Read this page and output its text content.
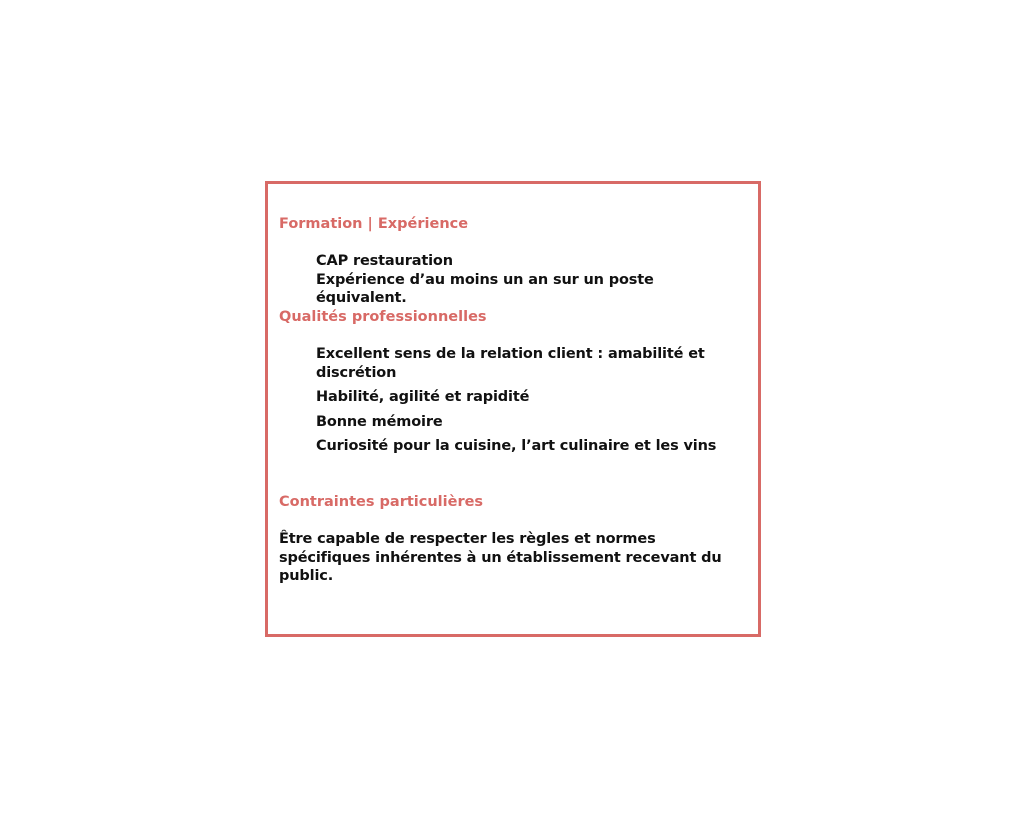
Formation | Expérience
CAP restauration
Expérience d’au moins un an sur un poste équivalent.
Qualités professionnelles
Excellent sens de la relation client : amabilité et discrétion
Habilité, agilité et rapidité
Bonne mémoire
Curiosité pour la cuisine, l’art culinaire et les vins
Contraintes particulières
Être capable de respecter les règles et normes spécifiques inhérentes à un établissement recevant du public.
